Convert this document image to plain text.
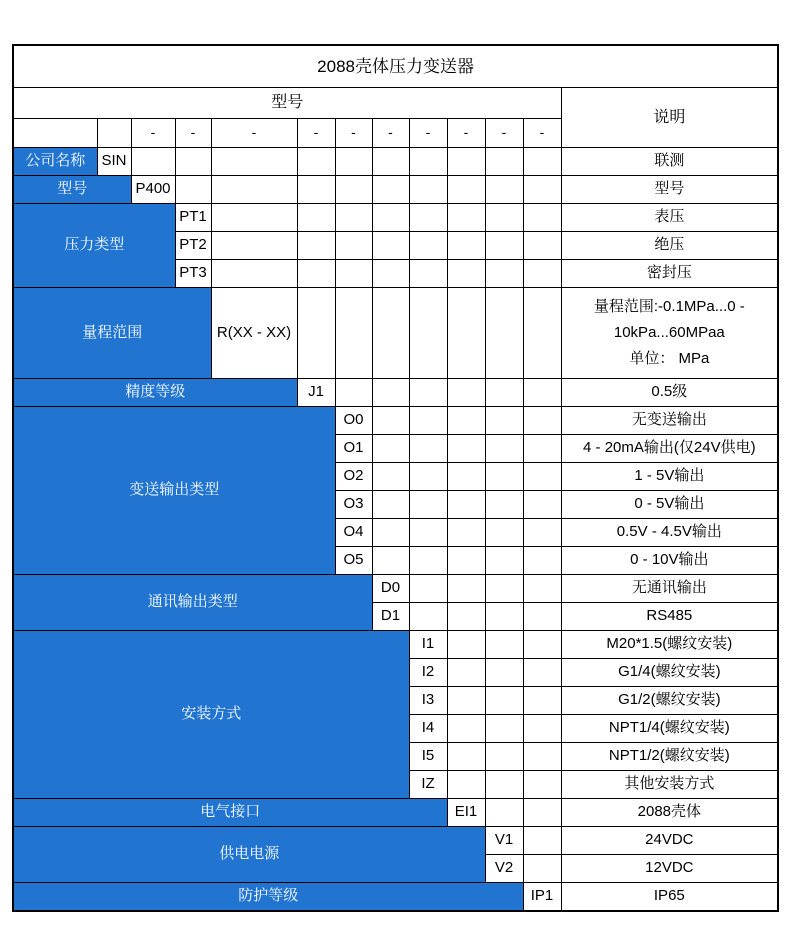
2088壳体压力变送器												
型号												说明
		-	-	-	-	-	-	-	-	-	-	
公司名称	SIN											联测
型号		P400										型号
压力类型			PT1									表压
			PT2									绝压
			PT3									密封压
量程范围				R(XX - XX)								量程范围:-0.1MPa...0 -
10kPa...60MPaa
单位： MPa

精度等级					J1							0.5级
变送输出类型						O0						无变送输出
						O1						4 - 20mA输出(仅24V供电)
						O2						1 - 5V输出
						O3						0 - 5V输出
						O4						0.5V - 4.5V输出
						O5						0 - 10V输出
通讯输出类型							D0					无通讯输出
							D1					RS485
安装方式								I1				M20*1.5(螺纹安装)
								I2				G1/4(螺纹安装)
								I3				G1/2(螺纹安装)
								I4				NPT1/4(螺纹安装)
								I5				NPT1/2(螺纹安装)
								IZ				其他安装方式
电气接口									EI1			2088壳体
供电电源										V1		24VDC
										V2		12VDC
防护等级											IP1	IP65
